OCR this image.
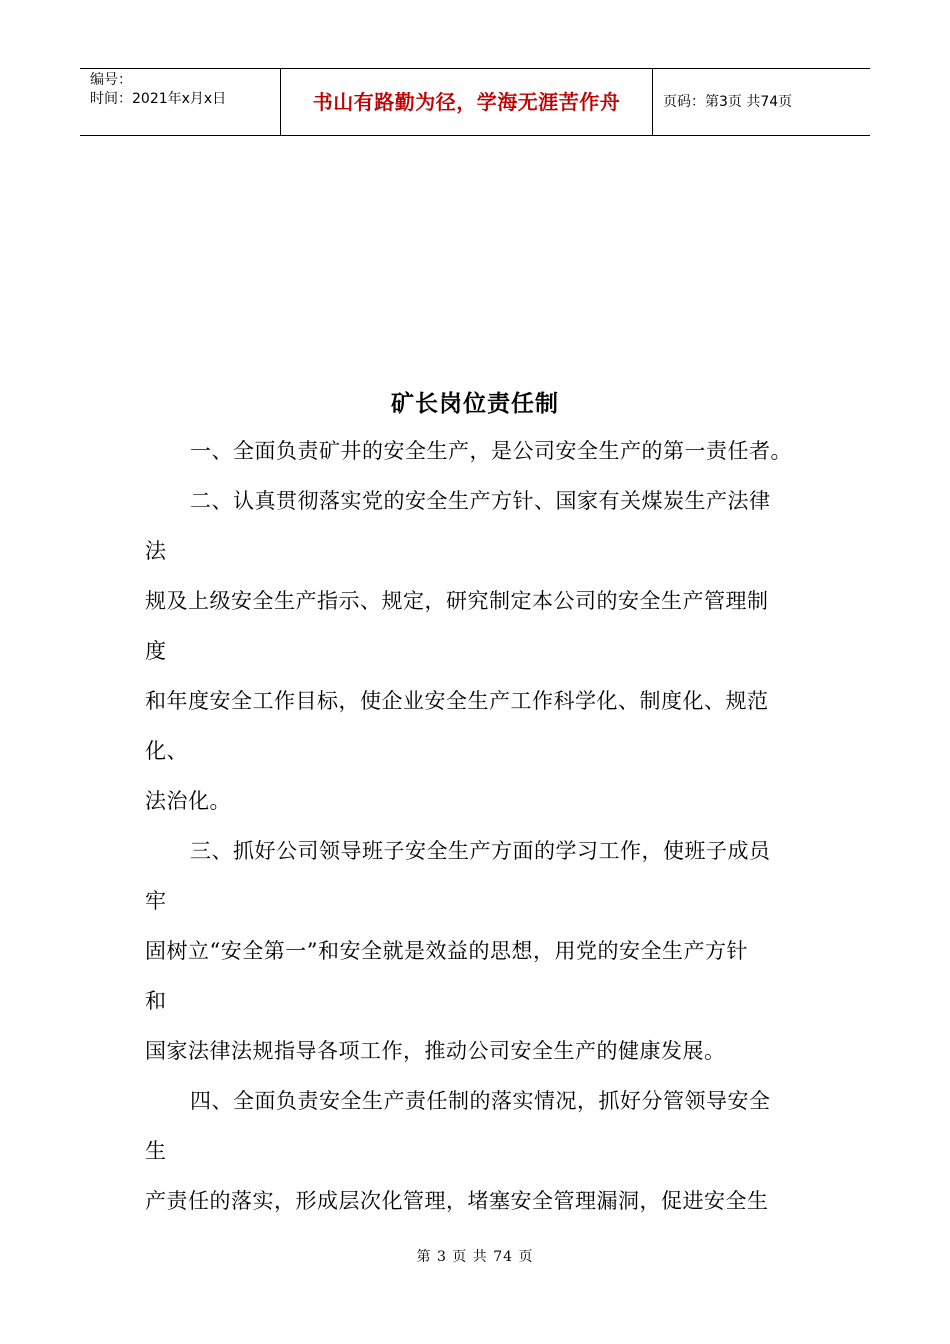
编号：
时间：2021年x月x日	书山有路勤为径，学海无涯苦作舟	页码：第3页 共74页
矿长岗位责任制
一、全面负责矿井的安全生产，是公司安全生产的第一责任者。
二、认真贯彻落实党的安全生产方针、国家有关煤炭生产法律
法
规及上级安全生产指示、规定，研究制定本公司的安全生产管理制
度
和年度安全工作目标，使企业安全生产工作科学化、制度化、规范
化、
法治化。
三、抓好公司领导班子安全生产方面的学习工作，使班子成员
牢
固树立“安全第一”和安全就是效益的思想，用党的安全生产方针
和
国家法律法规指导各项工作，推动公司安全生产的健康发展。
四、全面负责安全生产责任制的落实情况，抓好分管领导安全
生
产责任的落实，形成层次化管理，堵塞安全管理漏洞，促进安全生
第 3 页 共 74 页
